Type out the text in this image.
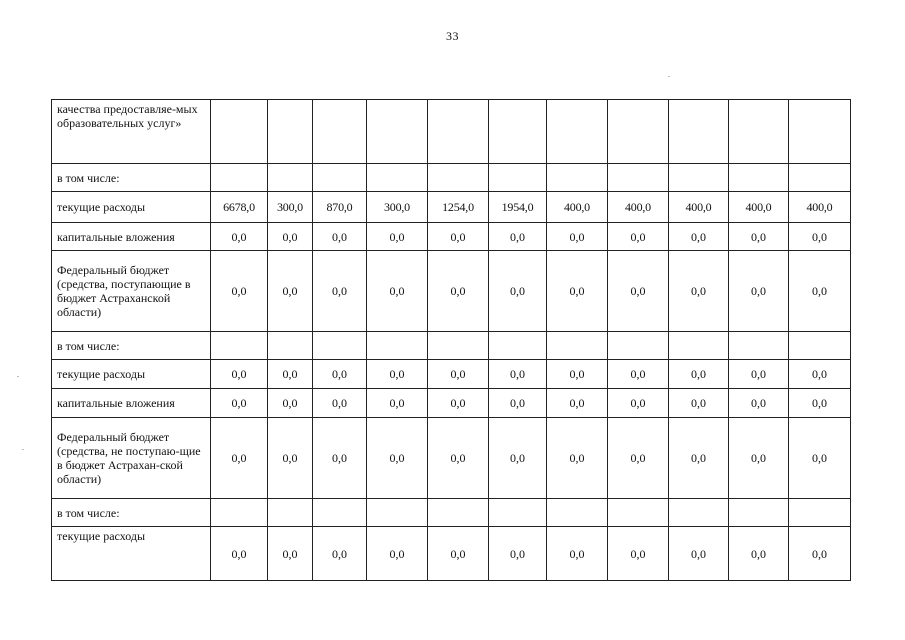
33
качества предоставляе-мых образовательных услуг»											
в том числе:											
текущие расходы	6678,0	300,0	870,0	300,0	1254,0	1954,0	400,0	400,0	400,0	400,0	400,0
капитальные вложения	0,0	0,0	0,0	0,0	0,0	0,0	0,0	0,0	0,0	0,0	0,0
Федеральный бюджет (средства, поступающие в бюджет Астраханской области)	0,0	0,0	0,0	0,0	0,0	0,0	0,0	0,0	0,0	0,0	0,0
в том числе:											
текущие расходы	0,0	0,0	0,0	0,0	0,0	0,0	0,0	0,0	0,0	0,0	0,0
капитальные вложения	0,0	0,0	0,0	0,0	0,0	0,0	0,0	0,0	0,0	0,0	0,0
Федеральный бюджет (средства, не поступаю-щие в бюджет Астрахан-ской области)	0,0	0,0	0,0	0,0	0,0	0,0	0,0	0,0	0,0	0,0	0,0
в том числе:											
текущие расходы	0,0	0,0	0,0	0,0	0,0	0,0	0,0	0,0	0,0	0,0	0,0
